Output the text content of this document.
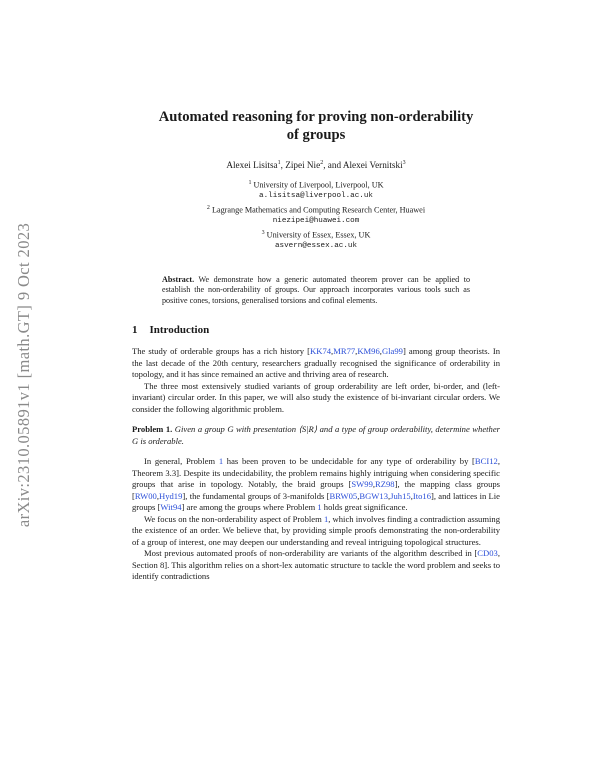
arXiv:2310.05891v1 [math.GT] 9 Oct 2023
Automated reasoning for proving non-orderability
of groups
Alexei Lisitsa$^1$, Zipei Nie$^2$, and Alexei Vernitski$^3$
$^1$ University of Liverpool, Liverpool, UK
a.lisitsa@liverpool.ac.uk
$^2$ Lagrange Mathematics and Computing Research Center, Huawei
niezipei@huawei.com
$^3$ University of Essex, Essex, UK
asvern@essex.ac.uk
Abstract. We demonstrate how a generic automated theorem prover can be applied to establish the non-orderability of groups. Our approach incorporates various tools such as positive cones, torsions, generalised torsions and cofinal elements.
1 Introduction

The study of orderable groups has a rich history [KK74,MR77,KM96,Gla99] among group theorists. In the last decade of the 20th century, researchers gradually recognised the significance of orderability in topology, and it has since remained an active and thriving area of research.

The three most extensively studied variants of group orderability are left order, bi-order, and (left-invariant) circular order. In this paper, we will also study the existence of bi-invariant circular orders. We consider the following algorithmic problem.

Problem 1. Given a group G with presentation ⟨S|R⟩ and a type of group orderability, determine whether G is orderable.

In general, Problem 1 has been proven to be undecidable for any type of orderability by [BCI12, Theorem 3.3]. Despite its undecidability, the problem remains highly intriguing when considering specific groups that arise in topology. Notably, the braid groups [SW99,RZ98], the mapping class groups [RW00,Hyd19], the fundamental groups of 3-manifolds [BRW05,BGW13,Juh15,Ito16], and lattices in Lie groups [Wit94] are among the groups where Problem 1 holds great significance.

We focus on the non-orderability aspect of Problem 1, which involves finding a contradiction assuming the existence of an order. We believe that, by providing simple proofs demonstrating the non-orderability of a group of interest, one may deepen our understanding and reveal intriguing topological structures.

Most previous automated proofs of non-orderability are variants of the algorithm described in [CD03, Section 8]. This algorithm relies on a short-lex automatic structure to tackle the word problem and seeks to identify contradictions
